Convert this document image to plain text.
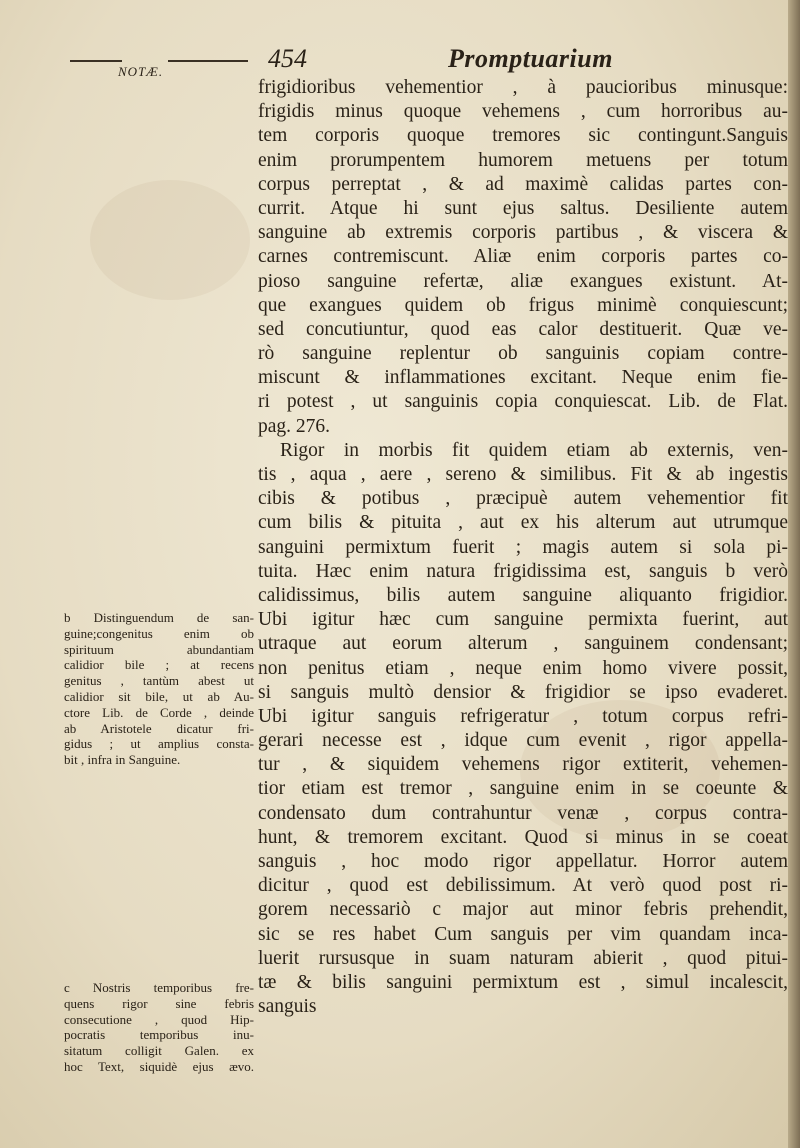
NOTÆ.	454	Promptuarium
frigidioribus vehementior , à paucioribus minusque:
frigidis minus quoque vehemens , cum horroribus au-
tem corporis quoque tremores sic contingunt.Sanguis
enim prorumpentem humorem metuens per totum
corpus perreptat , & ad maximè calidas partes con-
currit. Atque hi sunt ejus saltus. Desiliente autem
sanguine ab extremis corporis partibus , & viscera &
carnes contremiscunt. Aliæ enim corporis partes co-
pioso sanguine refertæ, aliæ exangues existunt. At-
que exangues quidem ob frigus minimè conquiescunt;
sed concutiuntur, quod eas calor destituerit. Quæ ve-
rò sanguine replentur ob sanguinis copiam contre-
miscunt & inflammationes excitant. Neque enim fie-
ri potest , ut sanguinis copia conquiescat. Lib. de Flat.
pag. 276.
Rigor in morbis fit quidem etiam ab externis, ven-
tis , aqua , aere , sereno & similibus. Fit & ab ingestis
cibis & potibus , præcipuè autem vehementior fit
cum bilis & pituita , aut ex his alterum aut utrumque
sanguini permixtum fuerit ; magis autem si sola pi-
tuita. Hæc enim natura frigidissima est, sanguis b verò
calidissimus, bilis autem sanguine aliquanto frigidior.
Ubi igitur hæc cum sanguine permixta fuerint, aut
utraque aut eorum alterum , sanguinem condensant;
non penitus etiam , neque enim homo vivere possit,
si sanguis multò densior & frigidior se ipso evaderet.
Ubi igitur sanguis refrigeratur , totum corpus refri-
gerari necesse est , idque cum evenit , rigor appella-
tur , & siquidem vehemens rigor extiterit, vehemen-
tior etiam est tremor , sanguine enim in se coeunte &
condensato dum contrahuntur venæ , corpus contra-
hunt, & tremorem excitant. Quod si minus in se coeat
sanguis , hoc modo rigor appellatur. Horror autem
dicitur , quod est debilissimum. At verò quod post ri-
gorem necessariò c major aut minor febris prehendit,
sic se res habet Cum sanguis per vim quandam inca-
luerit rursusque in suam naturam abierit , quod pitui-
tæ & bilis sanguini permixtum est , simul incalescit,
sanguis
b Distinguendum de san-
guine;congenitus enim ob
spirituum abundantiam
calidior bile ; at recens
genitus , tantùm abest ut
calidior sit bile, ut ab Au-
ctore Lib. de Corde , deinde
ab Aristotele dicatur fri-
gidus ; ut amplius consta-
bit , infra in Sanguine.
c Nostris temporibus fre-
quens rigor sine febris
consecutione , quod Hip-
pocratis temporibus inu-
sitatum colligit Galen. ex
hoc Text, siquidè ejus ævo.
